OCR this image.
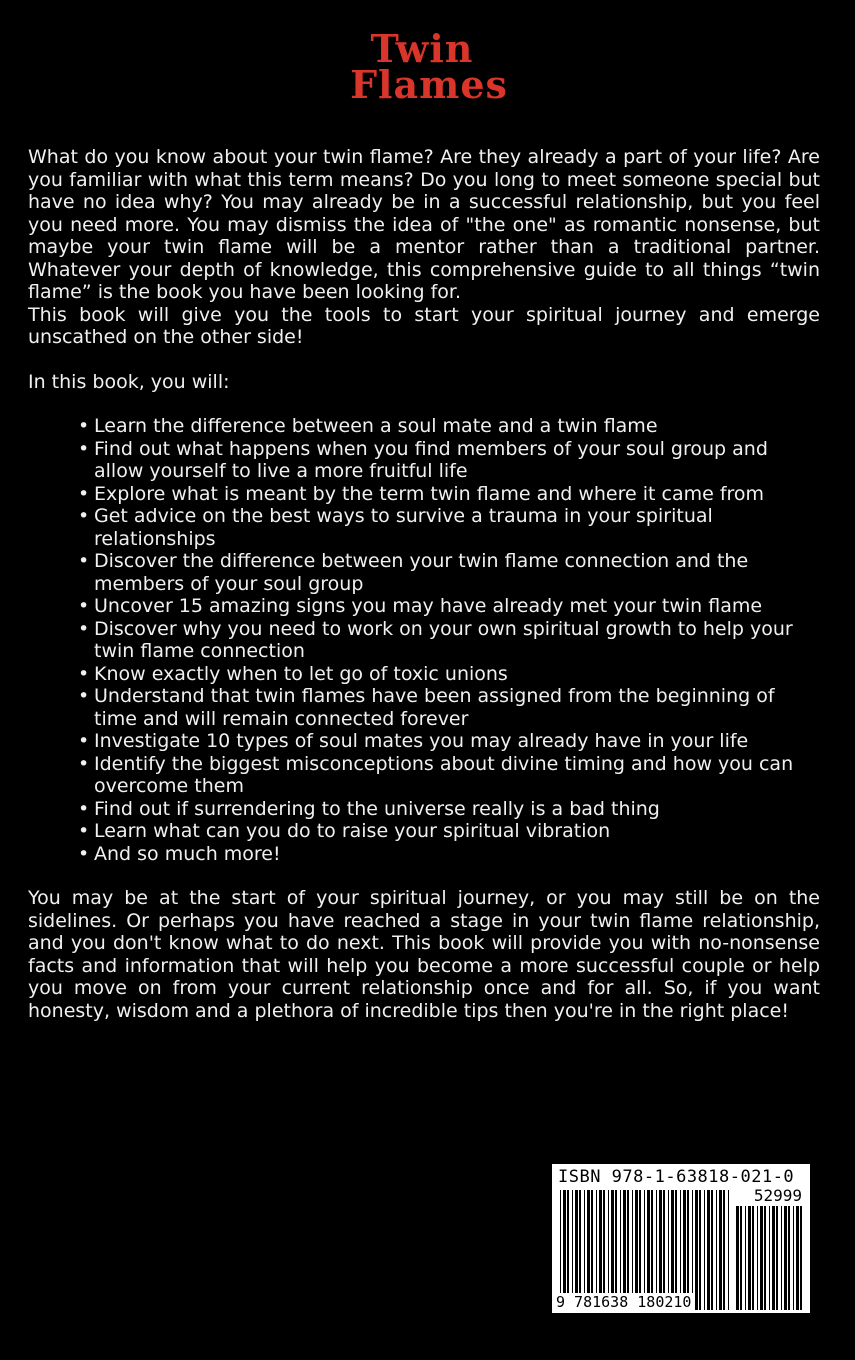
Twin
Flames

What do you know about your twin flame? Are they already a part of your life? Are you familiar with what this term means? Do you long to meet someone special but have no idea why? You may already be in a successful relationship, but you feel you need more. You may dismiss the idea of "the one" as romantic nonsense, but maybe your twin flame will be a mentor rather than a traditional partner. Whatever your depth of knowledge, this comprehensive guide to all things “twin flame” is the book you have been looking for.

This book will give you the tools to start your spiritual journey and emerge unscathed on the other side!

In this book, you will:

• Learn the difference between a soul mate and a twin flame
• Find out what happens when you find members of your soul group and allow yourself to live a more fruitful life
• Explore what is meant by the term twin flame and where it came from
• Get advice on the best ways to survive a trauma in your spiritual relationships
• Discover the difference between your twin flame connection and the members of your soul group
• Uncover 15 amazing signs you may have already met your twin flame
• Discover why you need to work on your own spiritual growth to help your twin flame connection
• Know exactly when to let go of toxic unions
• Understand that twin flames have been assigned from the beginning of time and will remain connected forever
• Investigate 10 types of soul mates you may already have in your life
• Identify the biggest misconceptions about divine timing and how you can overcome them
• Find out if surrendering to the universe really is a bad thing
• Learn what can you do to raise your spiritual vibration
• And so much more!

You may be at the start of your spiritual journey, or you may still be on the sidelines. Or perhaps you have reached a stage in your twin flame relationship, and you don't know what to do next. This book will provide you with no-nonsense facts and information that will help you become a more successful couple or help you move on from your current relationship once and for all. So, if you want honesty, wisdom and a plethora of incredible tips then you're in the right place!

ISBN 978-1-63818-021-0
52999
9 781638 180210
